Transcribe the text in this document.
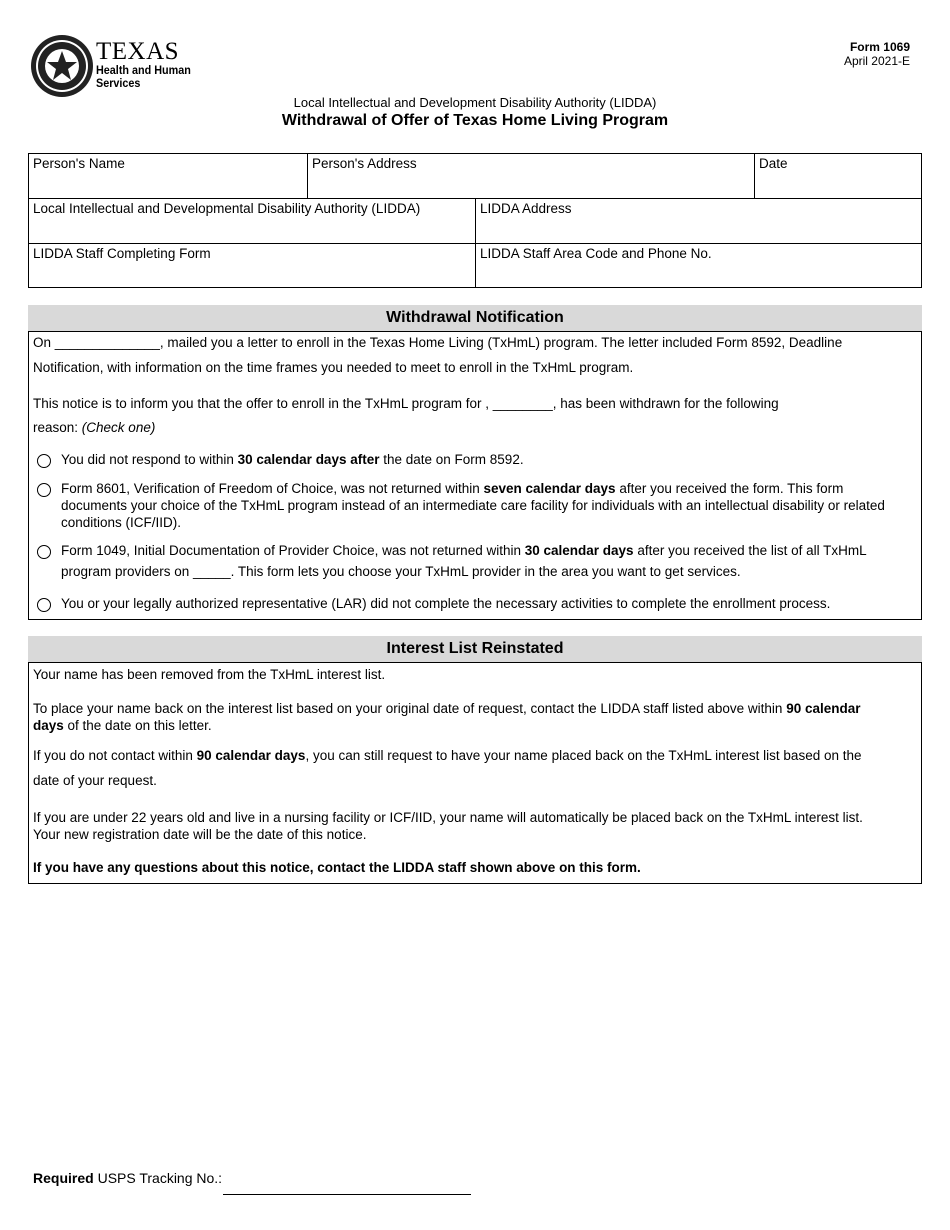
TEXAS
Health and Human
Services
Form 1069
April 2021-E
Local Intellectual and Development Disability Authority (LIDDA)
Withdrawal of Offer of Texas Home Living Program
Person's Name	Person's Address	Date
Local Intellectual and Developmental Disability Authority (LIDDA)	LIDDA Address
LIDDA Staff Completing Form	LIDDA Staff Area Code and Phone No.
Withdrawal Notification

On ______________, mailed you a letter to enroll in the Texas Home Living (TxHmL) program. The letter included Form 8592, Deadline

Notification, with information on the time frames you needed to meet to enroll in the TxHmL program.

This notice is to inform you that the offer to enroll in the TxHmL program for , ________, has been withdrawn for the following

reason: (Check one)

You did not respond to within 30 calendar days after the date on Form 8592.

Form 8601, Verification of Freedom of Choice, was not returned within seven calendar days after you received the form. This form

documents your choice of the TxHmL program instead of an intermediate care facility for individuals with an intellectual disability or related

conditions (ICF/IID).

Form 1049, Initial Documentation of Provider Choice, was not returned within 30 calendar days after you received the list of all TxHmL

program providers on _____. This form lets you choose your TxHmL provider in the area you want to get services.

You or your legally authorized representative (LAR) did not complete the necessary activities to complete the enrollment process.

Interest List Reinstated

Your name has been removed from the TxHmL interest list.

To place your name back on the interest list based on your original date of request, contact the LIDDA staff listed above within 90 calendar

days of the date on this letter.

If you do not contact within 90 calendar days, you can still request to have your name placed back on the TxHmL interest list based on the

date of your request.

If you are under 22 years old and live in a nursing facility or ICF/IID, your name will automatically be placed back on the TxHmL interest list.

Your new registration date will be the date of this notice.

If you have any questions about this notice, contact the LIDDA staff shown above on this form.

Required USPS Tracking No.:
